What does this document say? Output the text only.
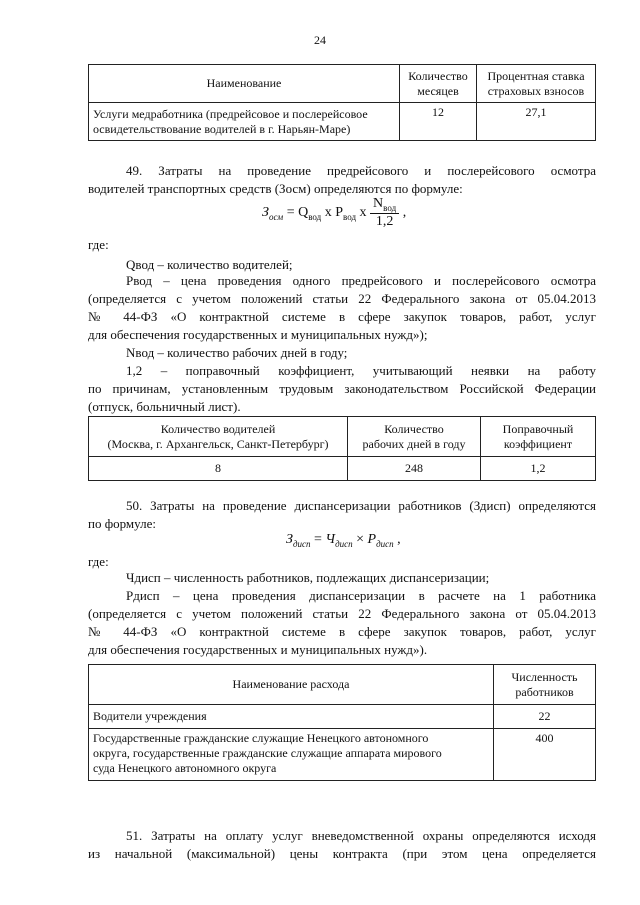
24
Наименование	Количество месяцев	Процентная ставка страховых взносов
Услуги медработника (предрейсовое и послерейсовое
освидетельствование водителей в г. Нарьян-Маре)	12	27,1
49. Затраты на проведение предрейсового и послерейсового осмотра
водителей транспортных средств (Зосм) определяются по формуле:
$З_{осм} = Q_{вод}$ x $P_{вод}$ x $\frac{N_{вод}}{1,2}$ ,
где:
Qвод – количество водителей;
Pвод – цена проведения одного предрейсового и послерейсового осмотра
(определяется с учетом положений статьи 22 Федерального закона от 05.04.2013
№ 44-ФЗ «О контрактной системе в сфере закупок товаров, работ, услуг
для обеспечения государственных и муниципальных нужд»);
Nвод – количество рабочих дней в году;
1,2 – поправочный коэффициент, учитывающий неявки на работу
по причинам, установленным трудовым законодательством Российской Федерации
(отпуск, больничный лист).
Количество водителей
(Москва, г. Архангельск, Санкт-Петербург)	Количество
рабочих дней в году	Поправочный
коэффициент
8	248	1,2
50. Затраты на проведение диспансеризации работников (Здисп) определяются
по формуле:
$З_{дисп} = Ч_{дисп} \times Р_{дисп}$ ,
где:
Чдисп – численность работников, подлежащих диспансеризации;
Pдисп – цена проведения диспансеризации в расчете на 1 работника
(определяется с учетом положений статьи 22 Федерального закона от 05.04.2013
№ 44-ФЗ «О контрактной системе в сфере закупок товаров, работ, услуг
для обеспечения государственных и муниципальных нужд»).
Наименование расхода	Численность
работников
Водители учреждения	22
Государственные гражданские служащие Ненецкого автономного
округа, государственные гражданские служащие аппарата мирового
суда Ненецкого автономного округа	400
51. Затраты на оплату услуг вневедомственной охраны определяются исходя
из начальной (максимальной) цены контракта (при этом цена определяется
